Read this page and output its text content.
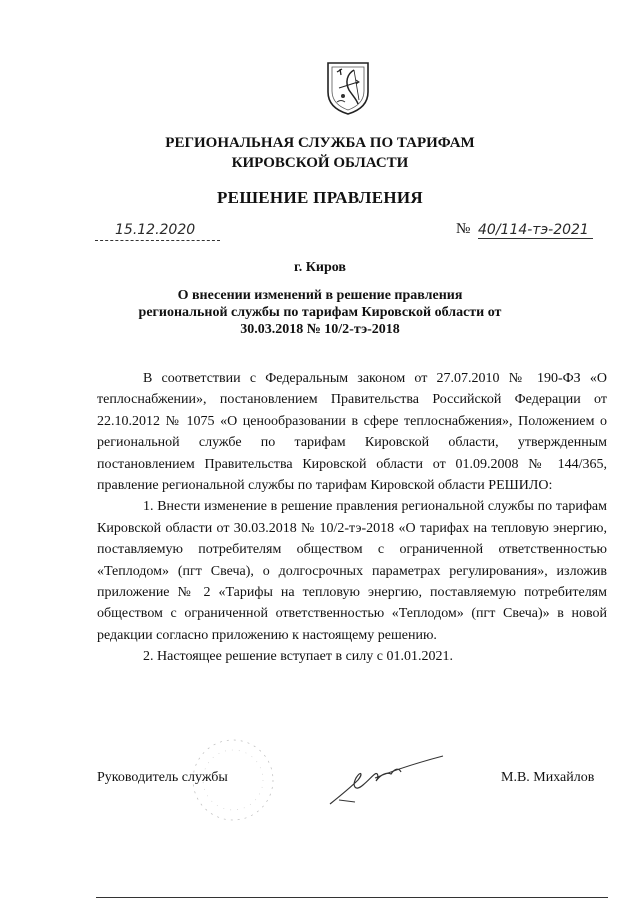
РЕГИОНАЛЬНАЯ СЛУЖБА ПО ТАРИФАМ
КИРОВСКОЙ ОБЛАСТИ
РЕШЕНИЕ ПРАВЛЕНИЯ
15.12.2020	№ 40/114-тэ-2021
г. Киров
О внесении изменений в решение правления
региональной службы по тарифам Кировской области от
30.03.2018 № 10/2-тэ-2018

В соответствии с Федеральным законом от 27.07.2010 № 190-ФЗ «О теплоснабжении», постановлением Правительства Российской Федерации от 22.10.2012 № 1075 «О ценообразовании в сфере теплоснабжения», Положением о региональной службе по тарифам Кировской области, утвержденным постановлением Правительства Кировской области от 01.09.2008 № 144/365, правление региональной службы по тарифам Кировской области РЕШИЛО:

1. Внести изменение в решение правления региональной службы по тарифам Кировской области от 30.03.2018 № 10/2-тэ-2018 «О тарифах на тепловую энергию, поставляемую потребителям обществом с ограниченной ответственностью «Теплодом» (пгт Свеча), о долгосрочных параметрах регулирования», изложив приложение № 2 «Тарифы на тепловую энергию, поставляемую потребителям обществом с ограниченной ответственностью «Теплодом» (пгт Свеча)» в новой редакции согласно приложению к настоящему решению.

2. Настоящее решение вступает в силу с 01.01.2021.

Руководитель службы	М.В. Михайлов
